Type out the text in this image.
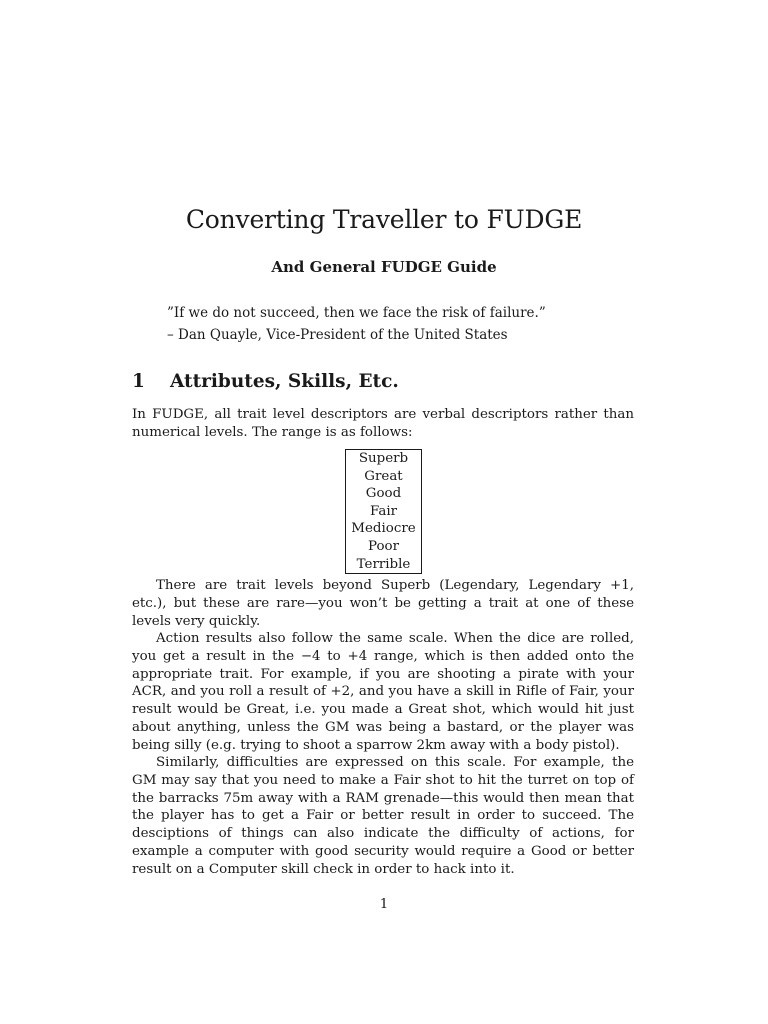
Converting Traveller to FUDGE
And General FUDGE Guide
”If we do not succeed, then we face the risk of failure.”
– Dan Quayle, Vice-President of the United States
1 Attributes, Skills, Etc.

In FUDGE, all trait level descriptors are verbal descriptors rather than numerical levels. The range is as follows:

Superb
Great
Good
Fair
Mediocre
Poor
Terrible

There are trait levels beyond Superb (Legendary, Legendary +1, etc.), but these are rare—you won’t be getting a trait at one of these levels very quickly.

Action results also follow the same scale. When the dice are rolled, you get a result in the −4 to +4 range, which is then added onto the appropriate trait. For example, if you are shooting a pirate with your ACR, and you roll a result of +2, and you have a skill in Rifle of Fair, your result would be Great, i.e. you made a Great shot, which would hit just about anything, unless the GM was being a bastard, or the player was being silly (e.g. trying to shoot a sparrow 2km away with a body pistol).

Similarly, difficulties are expressed on this scale. For example, the GM may say that you need to make a Fair shot to hit the turret on top of the barracks 75m away with a RAM grenade—this would then mean that the player has to get a Fair or better result in order to succeed. The desciptions of things can also indicate the difficulty of actions, for example a computer with good security would require a Good or better result on a Computer skill check in order to hack into it.

1
